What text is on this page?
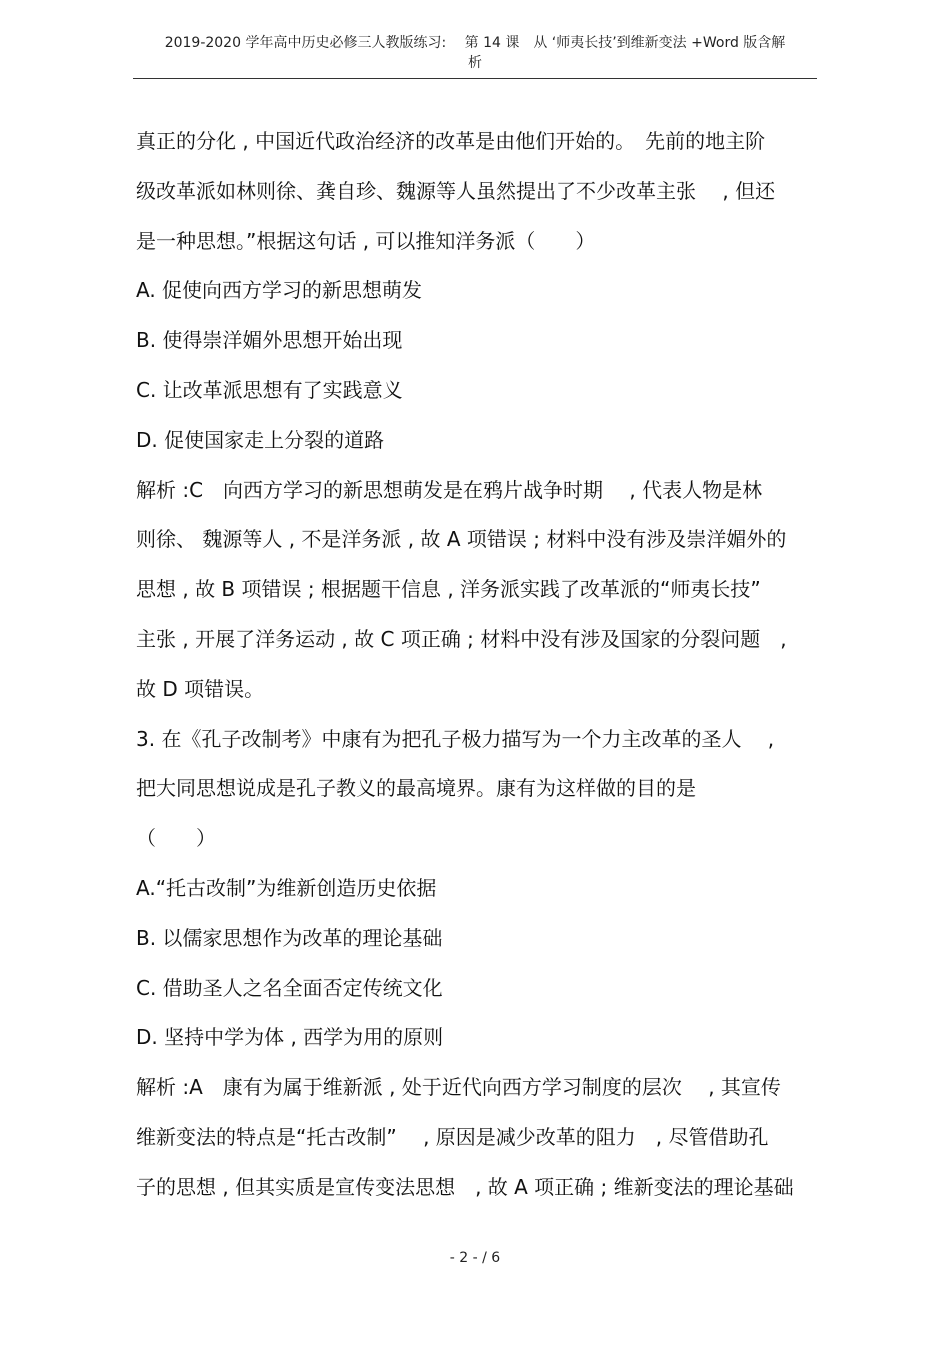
2019-2020 学年高中历史必修三人教版练习:　 第 14 课　从 ‘师夷长技’到维新变法 +Word 版含解
析
真正的分化 , 中国近代政治经济的改革是由他们开始的。　先前的地主阶
级改革派如林则徐、龚自珍、魏源等人虽然提出了不少改革主张　 , 但还
是一种思想。”根据这句话 , 可以推知洋务派（　　）
A. 促使向西方学习的新思想萌发
B. 使得崇洋媚外思想开始出现
C. 让改革派思想有了实践意义
D. 促使国家走上分裂的道路
解析 :C　向西方学习的新思想萌发是在鸦片战争时期　 , 代表人物是林
则徐、 魏源等人 , 不是洋务派 , 故 A 项错误 ; 材料中没有涉及崇洋媚外的
思想 , 故 B 项错误 ; 根据题干信息 , 洋务派实践了改革派的“师夷长技”
主张 , 开展了洋务运动 , 故 C 项正确 ; 材料中没有涉及国家的分裂问题　,
故 D 项错误。
3. 在《孔子改制考》中康有为把孔子极力描写为一个力主改革的圣人　 ,
把大同思想说成是孔子教义的最高境界。康有为这样做的目的是
（　　）
A.“托古改制”为维新创造历史依据
B. 以儒家思想作为改革的理论基础
C. 借助圣人之名全面否定传统文化
D. 坚持中学为体 , 西学为用的原则
解析 :A　康有为属于维新派 , 处于近代向西方学习制度的层次　 , 其宣传
维新变法的特点是“托古改制”　 , 原因是减少改革的阻力　, 尽管借助孔
子的思想 , 但其实质是宣传变法思想　, 故 A 项正确 ; 维新变法的理论基础
- 2 - / 6
